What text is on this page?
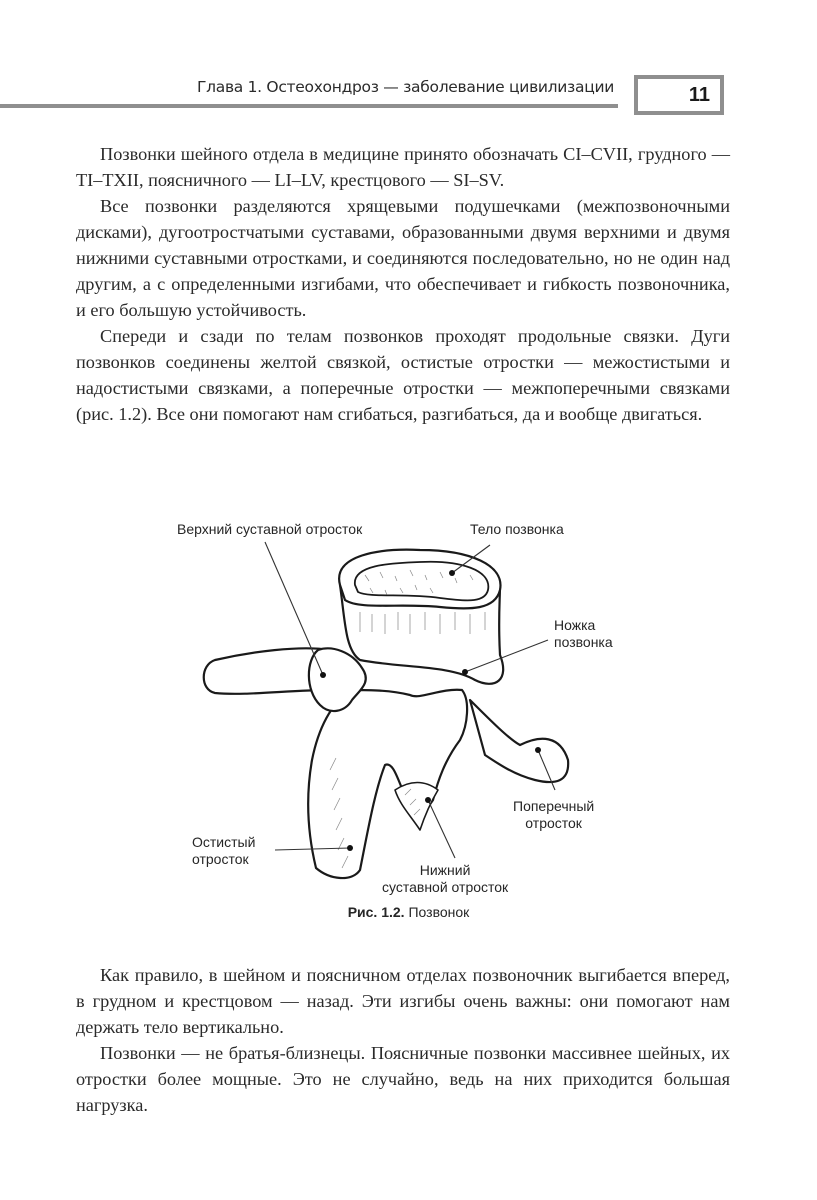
Глава 1. Остеохондроз — заболевание цивилизации	11

Позвонки шейного отдела в медицине принято обозначать CI–CVII, грудного — TI–TXII, поясничного — LI–LV, крестцового — SI–SV.

Все позвонки разделяются хрящевыми подушечками (межпозвоночными дисками), дугоотростчатыми суставами, образованными двумя верхними и двумя нижними суставными отростками, и соединяются последовательно, но не один над другим, а с определенными изгибами, что обеспечивает и гибкость позвоночника, и его большую устойчивость.

Спереди и сзади по телам позвонков проходят продольные связки. Дуги позвонков соединены желтой связкой, остистые отростки — межостистыми и надостистыми связками, а поперечные отростки — межпоперечными связками (рис. 1.2). Все они помогают нам сгибаться, разгибаться, да и вообще двигаться.

Верхний суставной отросток	Тело позвонка
Ножка
позвонка
Поперечный
отросток
Остистый
отросток
Нижний
суставной отросток
Рис. 1.2. Позвонок

Как правило, в шейном и поясничном отделах позвоночник выгибается вперед, в грудном и крестцовом — назад. Эти изгибы очень важны: они помогают нам держать тело вертикально.

Позвонки — не братья-близнецы. Поясничные позвонки массивнее шейных, их отростки более мощные. Это не случайно, ведь на них приходится большая нагрузка.
